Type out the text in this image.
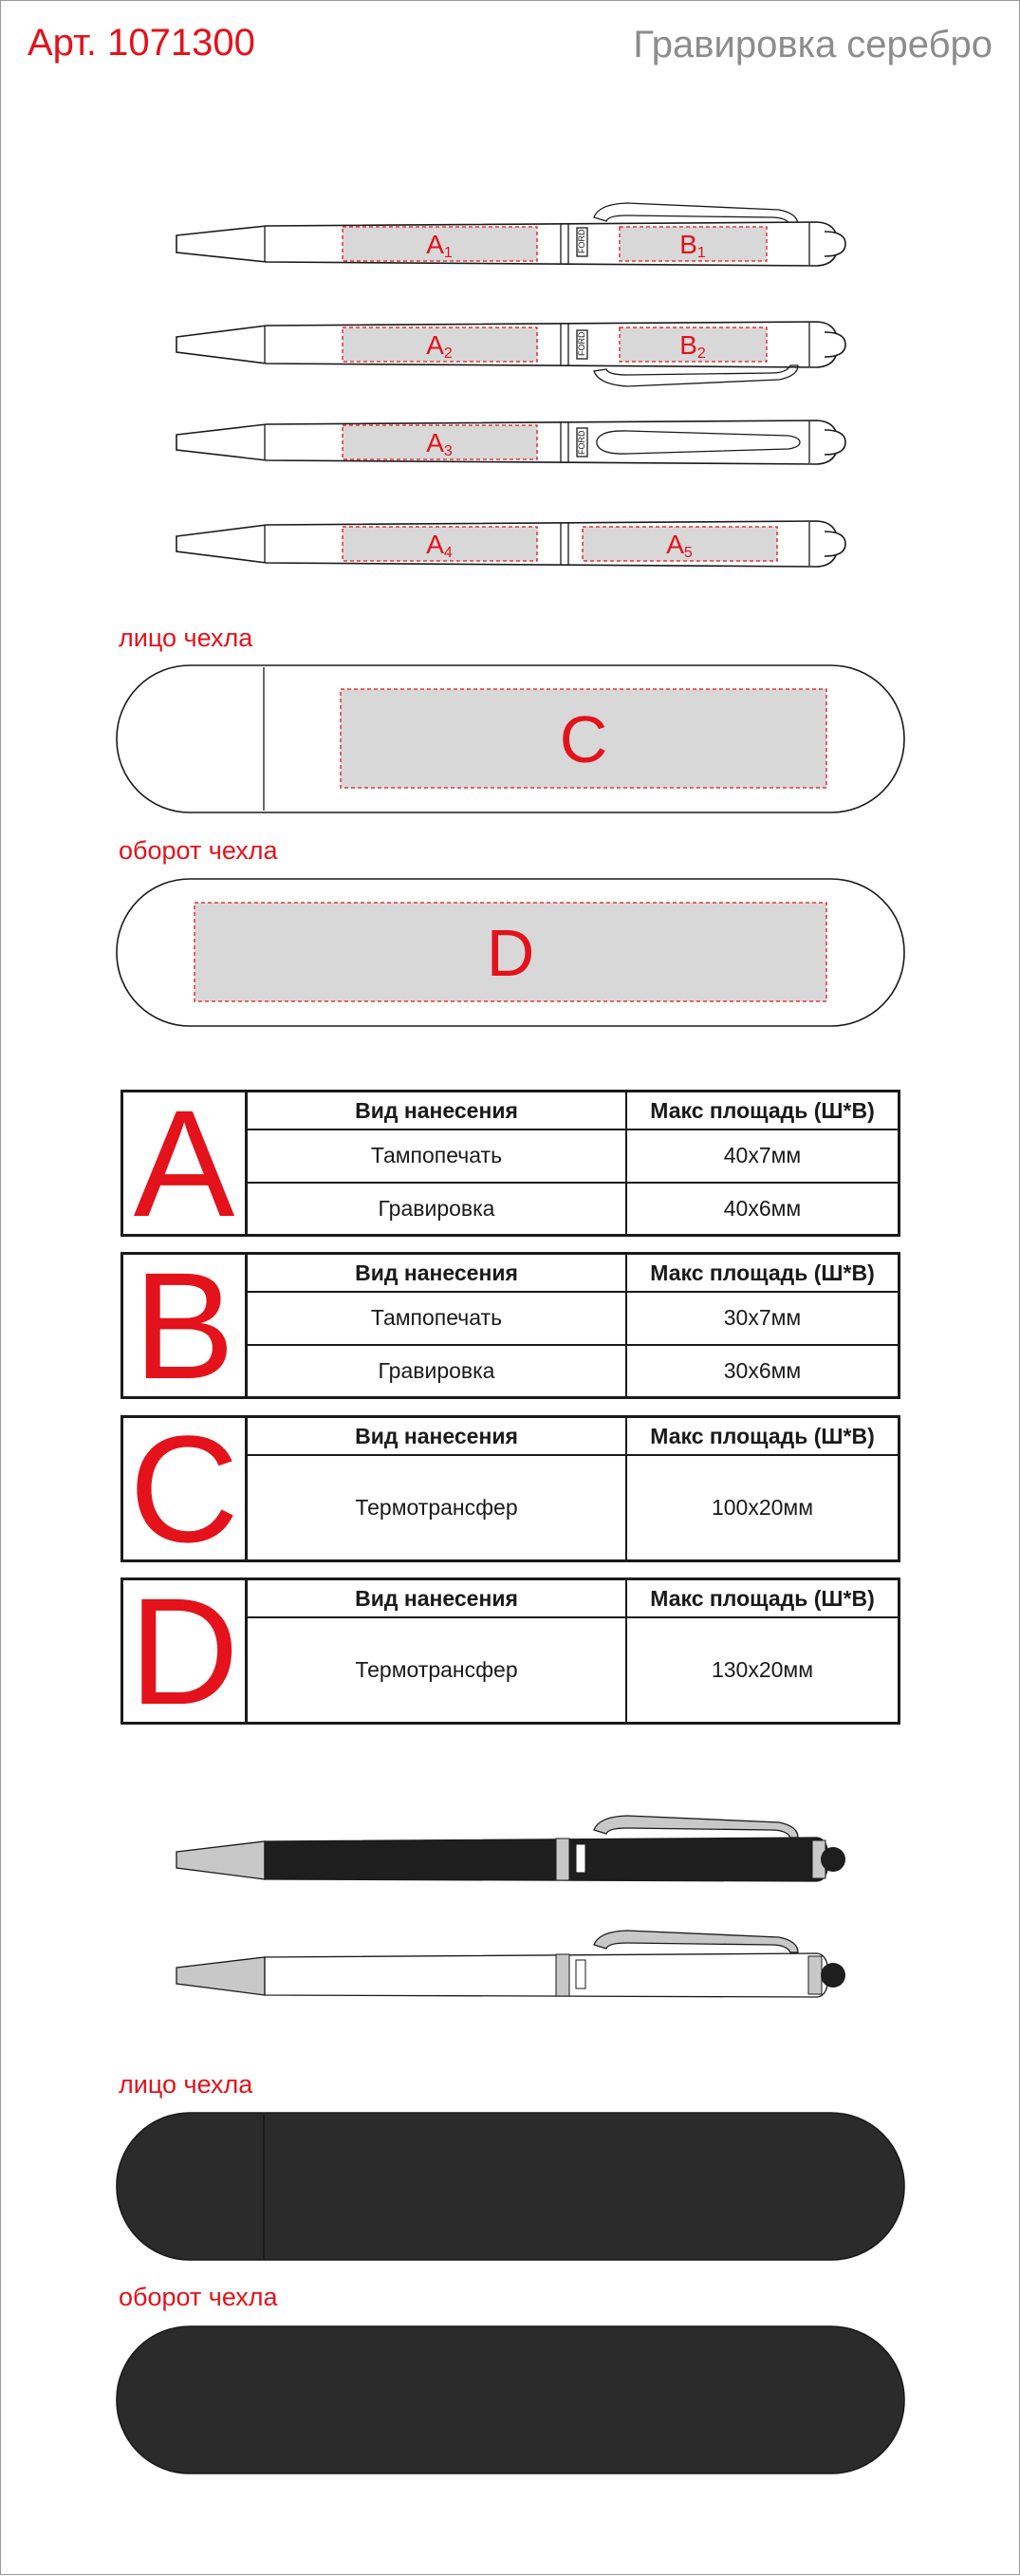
Арт. 1071300	Гравировка серебро
FORD
A1	B1
FORD
A2	B2
FORD
A3
A4	A5
C
D
лицо чехла
оборот чехла
лицо чехла
оборот чехла
A	Вид нанесения	Макс площадь (Ш*В)
Тампопечать	40x7мм
Гравировка	40x6мм
B	Вид нанесения	Макс площадь (Ш*В)
Тампопечать	30x7мм
Гравировка	30x6мм
C	Вид нанесения	Макс площадь (Ш*В)
Термотрансфер	100x20мм
D	Вид нанесения	Макс площадь (Ш*В)
Термотрансфер	130x20мм
